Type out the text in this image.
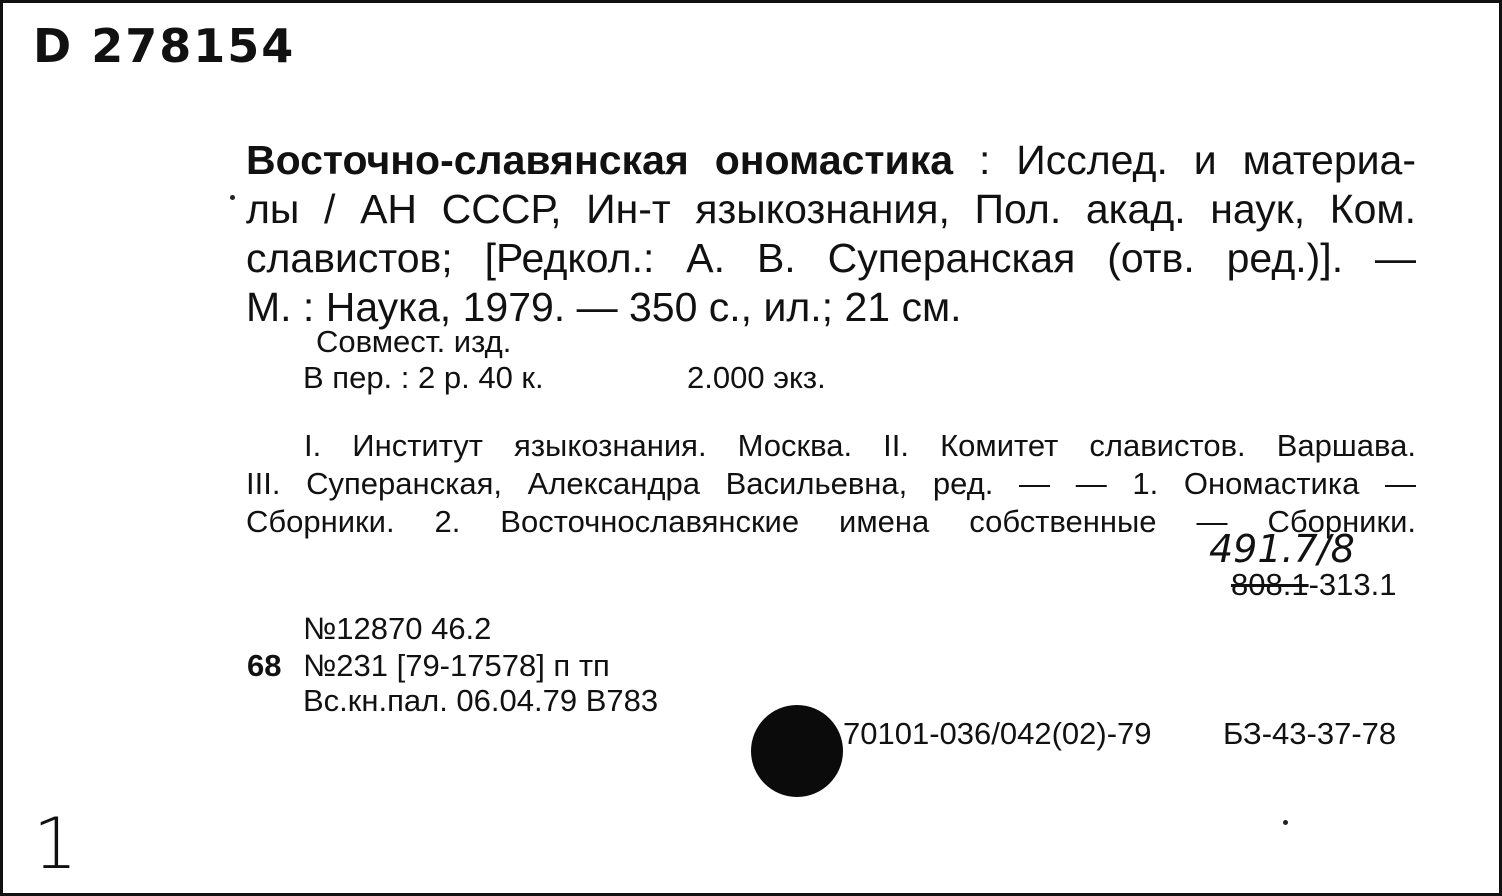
D 278154
Восточно-славянская ономастика : Исслед. и материа-
лы / АН СССР, Ин-т языкознания, Пол. акад. наук, Ком.
славистов; [Редкол.: А. В. Суперанская (отв. ред.)]. —
М. : Наука, 1979. — 350 с., ил.; 21 см.
Совмест. изд.
В пер. : 2 р. 40 к.	2.000 экз.
I. Институт языкознания. Москва. II. Комитет славистов. Варшава.
III. Суперанская, Александра Васильевна, ред. — — 1. Ономастика —
Сборники. 2. Восточнославянские имена собственные — Сборники.
491.7/8
808.1-313.1
№12870 46.2
68 №231 [79-17578] п тп
Вс.кн.пал. 06.04.79 В783
70101-036/042(02)-79 БЗ-43-37-78
1
